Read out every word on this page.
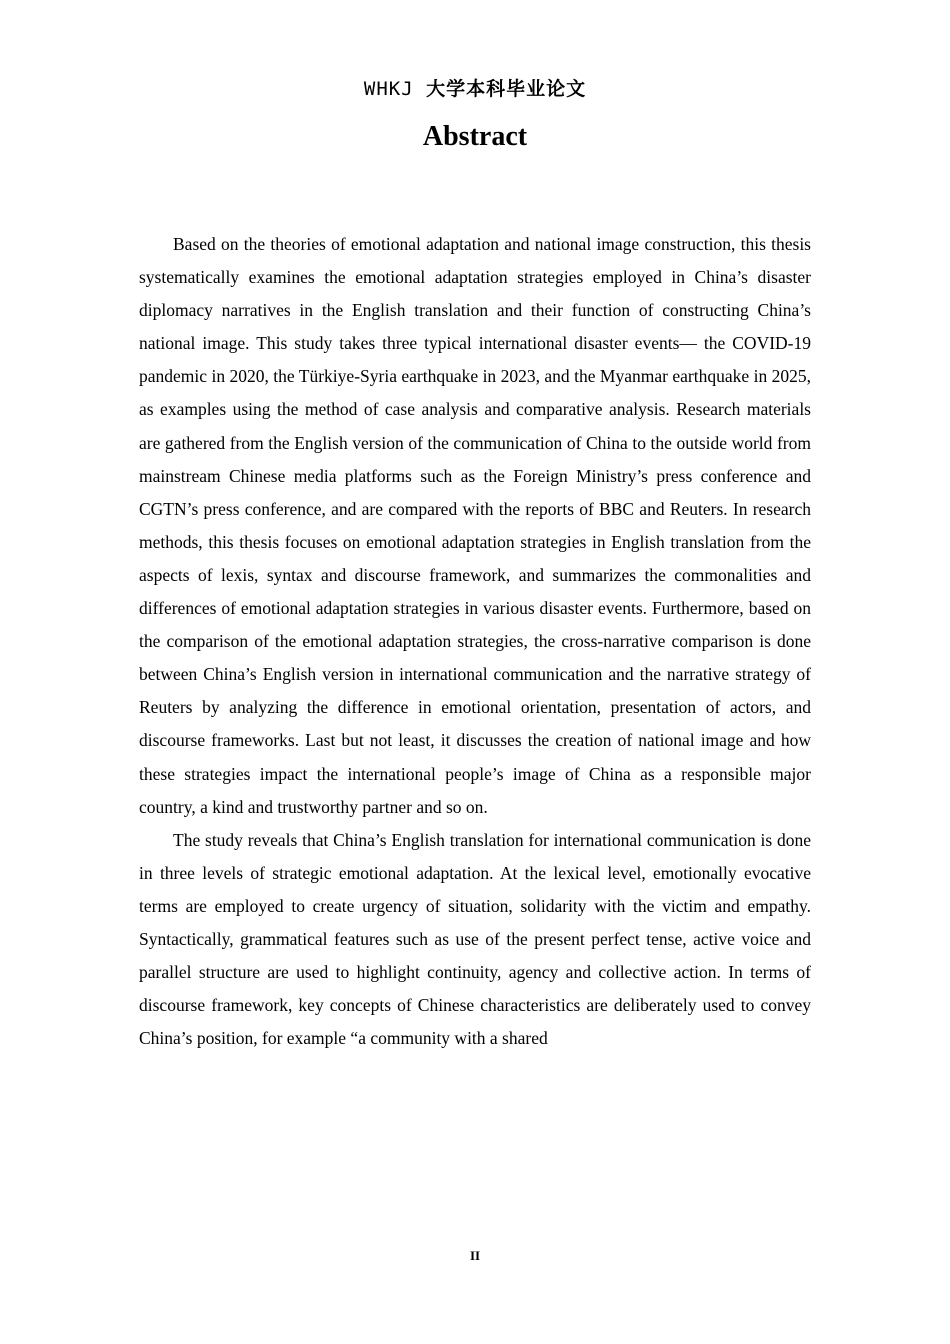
WHKJ 大学本科毕业论文
Abstract

Based on the theories of emotional adaptation and national image construction, this thesis systematically examines the emotional adaptation strategies employed in China’s disaster diplomacy narratives in the English translation and their function of constructing China’s national image. This study takes three typical international disaster events— the COVID-19 pandemic in 2020, the Türkiye-Syria earthquake in 2023, and the Myanmar earthquake in 2025, as examples using the method of case analysis and comparative analysis. Research materials are gathered from the English version of the communication of China to the outside world from mainstream Chinese media platforms such as the Foreign Ministry’s press conference and CGTN’s press conference, and are compared with the reports of BBC and Reuters. In research methods, this thesis focuses on emotional adaptation strategies in English translation from the aspects of lexis, syntax and discourse framework, and summarizes the commonalities and differences of emotional adaptation strategies in various disaster events. Furthermore, based on the comparison of the emotional adaptation strategies, the cross-narrative comparison is done between China’s English version in international communication and the narrative strategy of Reuters by analyzing the difference in emotional orientation, presentation of actors, and discourse frameworks. Last but not least, it discusses the creation of national image and how these strategies impact the international people’s image of China as a responsible major country, a kind and trustworthy partner and so on.

The study reveals that China’s English translation for international communication is done in three levels of strategic emotional adaptation. At the lexical level, emotionally evocative terms are employed to create urgency of situation, solidarity with the victim and empathy. Syntactically, grammatical features such as use of the present perfect tense, active voice and parallel structure are used to highlight continuity, agency and collective action. In terms of discourse framework, key concepts of Chinese characteristics are deliberately used to convey China’s position, for example “a community with a shared

II
